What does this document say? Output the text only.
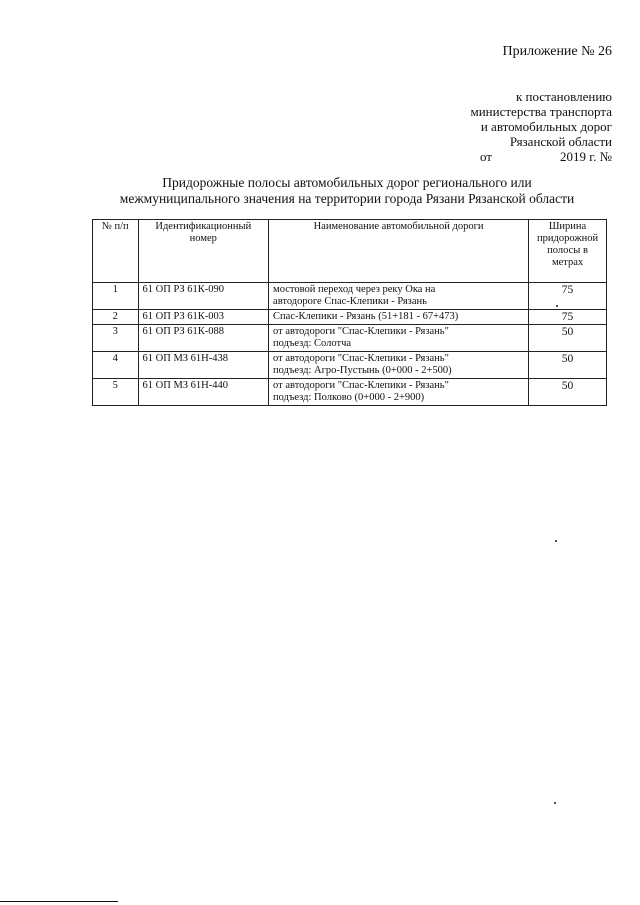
Приложение № 26
к постановлению
министерства транспорта
и автомобильных дорог
Рязанской области
от	2019 г. №
Придорожные полосы автомобильных дорог регионального или
межмуниципального значения на территории города Рязани Рязанской области
№ п/п	Идентификационный номер	Наименование автомобильной дороги	Ширина придорожной полосы в метрах
1	61 ОП РЗ 61К-090	мостовой переход через реку Ока на
автодороге Спас-Клепики - Рязань	75
2	61 ОП РЗ 61К-003	Спас-Клепики - Рязань (51+181 - 67+473)	75
3	61 ОП РЗ 61К-088	от автодороги "Спас-Клепики - Рязань"
подъезд: Солотча	50
4	61 ОП МЗ 61Н-438	от автодороги "Спас-Клепики - Рязань"
подъезд: Агро-Пустынь (0+000 - 2+500)	50
5	61 ОП МЗ 61Н-440	от автодороги "Спас-Клепики - Рязань"
подъезд: Полково (0+000 - 2+900)	50
